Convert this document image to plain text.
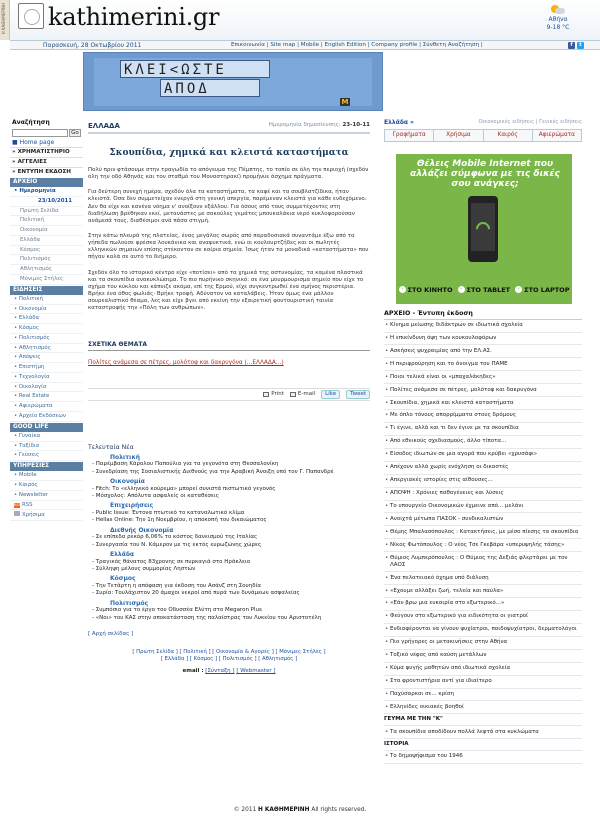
Η ΚΑΘΗΜΕΡΙΝΗ kathimerini.gr	Αθήνα
9-18 °C
Παρασκευή, 28 Οκτωβρίου 2011	Επικοινωνία | Site map | Mobile | English Edition | Company profile | Σύνθετη Αναζήτηση |	f	t
ΚΛΕΙ<ΩΣΤΕ
ΑΠΟΔ
M
Αναζήτηση
Go
■ Home page
» ΧΡΗΜΑΤΙΣΤΗΡΙΟ
» ΑΓΓΕΛΙΕΣ
» ΕΝΤΥΠΗ ΕΚΔΟΣΗ
ΑΡΧΕΙΟ
• Ημερομηνία
23/10/2011
Πρώτη Σελίδα
Πολιτική
Οικονομία
Ελλάδα
Κόσμος
Πολιτισμός
Αθλητισμός
Μόνιμες Στήλες
ΕΙΔΗΣΕΙΣ
• Πολιτική
• Οικονομία
• Ελλάδα
• Κόσμος
• Πολιτισμός
• Αθλητισμός
• Απόψεις
• Επιστήμη
• Τεχνολογία
• Οικολογία
• Real Estate
• Αφιερώματα
• Αρχείο Εκδόσεων
GOOD LIFE
• Γυναίκα
• Ταξίδια
• Γεύσεις
ΥΠΗΡΕΣΙΕΣ
• Mobile
• Καιρός
• Newsletter
RSSRSS
Χρήσιμα
ΕΛΛΑΔΑ	Ημερομηνία δημοσίευσης: 23-10-11
Σκουπίδια, χημικά και κλειστά καταστήματα
Πολύ πριν φτάσουμε στην τραγωδία το απόγευμα της Πέμπτης, το τοπίο σε όλη την περιοχή (σχεδόν όλη την οδό Αθηνάς και τον σταθμό του Μοναστηρακί) προμήνυε άσχημα πράγματα.
Για δεύτερη συνεχή ημέρα, σχεδόν όλα τα καταστήματα, τα καφέ και τα σουβλατζίδικα, ήταν κλειστά. Όσα δεν συμμετείχαν ενεργά στη γενική απεργία, παρέμεναν κλειστά για κάθε ενδεχόμενο. Δεν θα είχε και κανένα νόημα ν' ανοίξουν εξάλλου. Για όσους από τους συμμετέχοντες στη διαδήλωση βρέθηκαν εκεί, μετανάστες με σακούλες γεμάτες μπουκαλάκια νερό κυκλοφορούσαν ανάμεσά τους, διαθέσιμοι ανά πάσα στιγμή.
Στην κάτω πλευρά της πλατείας, ένας μεγάλος σωρός από παραδοσιακά συναντάμε έξω από τα γήπεδα πωλούσε φρέσκα λουκάνικα και αναψυκτικά, ενώ οι κουλουρτζήδες και οι πωλητές ελληνικών σημαιών επίσης στέκονταν σε καίρια σημεία. Ίσως ήταν τα μοναδικά «καταστήματα» που πήγαν καλά σε αυτό το διήμερο.
Σχεδόν όλο το ιστορικό κέντρο είχε «ποτίσει» από τα χημικά της αστυνομίας, τα καμένα πλαστικά και τα σκουπίδια ανακυκλώσιμα. Το πιο πυρήνικο σκηνικό: σε ένα μουρμουρισμα σημείο που είχε το σχήμα του κύκλου και κάπνιζε ακόμα, επί της Ερμού, είχε συγκεντρωθεί ένα σμήνος περιστέρια. Βρήκε ένα όθος φωλιάς· Βρήκε τροφή. Αδύνατον να καταλάβεις. Ήταν όμως ένα μάλλον σουρεαλιστικό θέαμα, λες και είχε βγει από εκείνη την εξαιρετική φουτουριστική ταινία καταστροφής την «Πόλη των ανθρώπων».
ΣΧΕΤΙΚΑ ΘΕΜΑΤΑ
Πολίτες ανάμεσα σε πέτρες, μολότοφ και δακρυγόνα (...ΕΛΛΑΔΑ...)
Print	E-mail Like	Tweet
Τελευταία Νέα
Πολιτική
- Παρέμβαση Κάρολου Παπούλια για τα γεγονότα στη Θεσσαλονίκη
- Συνεδρίαση της Σοσιαλιστικής Διεθνούς για την Αραβική Άνοιξη υπό τον Γ. Παπανδρέ
Οικονομία
- Fitch: Το «ελληνικό κούρεμα» μπορεί συνιστά πιστωτικό γεγονός
- Μόσχολος: Απόλυτα ασφαλείς οι καταθέσεις
Επιχειρήσεις
- Public Issue: Έντονα πτωτικό το καταναλωτικό κλίμα
- Hellas Online: Την 1η Νοεμβρίου, η αποκοπή του δικαιώματος
Διεθνής Οικονομία
- Σε επίπεδα ρεκόρ 6,06% το κόστος δανεισμού της Ιταλίας
- Συνεργασία του Ν. Κάμερον με τις εκτός ευρωζώνης χώρες
Ελλάδα
- Τραγικός θάνατος 83χρονης σε πυρκαγιά στο Ηράκλειο
- Σύλληψη μέλους συμμορίας Ληστών
Κόσμος
- Την Τετάρτη η απόφαση για έκδοση του Ασάνζ στη Σουηδία
- Συρία: Τουλάχιστον 20 άμαχοι νεκροί από πυρά των δυνάμεων ασφαλείας
Πολιτισμός
- Συμπόσιο για το έργο του Οδυσσέα Ελύτη στο Megaron Plus
- «Νοι» του ΚΑΣ στην αποκατάσταση της παλαίστρας του Λυκείου του Αριστοτέλη
[ Αρχή σελίδας ]
[ Πρώτη Σελίδα ] [ Πολιτική ] [ Οικονομία & Αγορές ] [ Μόνιμες Στήλες ]
[ Ελλάδα ] [ Κόσμος ] [ Πολιτισμός ] [ Αθλητισμός ]
email : [Σύνταξη ] [ Webmaster ]
Ελλάδα »	Οικονομικές ειδήσεις | Γενικές ειδήσεις
Γραφήματα	Χρήσιμα	Καιρός	Αφιερώματα
Θέλεις Mobile Internet που αλλάζει σύμφωνα με τις δικές σου ανάγκες;
› ΣΤΟ ΚΙΝΗΤΟ	› ΣΤΟ TABLET	› ΣΤΟ LAPTOP
ΑΡΧΕΙΟ - Έντυπη έκδοση
• Κίνημα μείωσης διδάκτρων σε ιδιωτικά σχολεία
• Η επικίνδυνη όψη των κουκουλοφόρων
• Ασκήσεις ψυχραιμίας από την ΕΛ.ΑΣ.
• Η περιφρούρηση και το άνοιγμα του ΠΑΜΕ
• Ποιοι τελικά είναι οι «μπαχαλάκηδες»
• Πολίτες ανάμεσα σε πέτρες, μολότοφ και δακρυγόνα
• Σκουπίδια, χημικά και κλειστά καταστήματα
• Με όπλο τόνους απορρίμματα στους δρόμους
• Τι έγινε, αλλά και τι δεν έγινε με τα σκουπίδια
• Από εθνικούς σχεδιασμούς, άλλο τίποτα...
• Είσοδος ιδιωτών σε μια αγορά που κρύβει «χρυσάφι»
• Απέχουν αλλά χωρίς ενόχληση οι δικαστές
• Απεργιακές ιστορίες στις αίθουσες...
• ΑΠΟΨΗ : Χρόνιες παθογένειες και λύσεις
• Το υπουργείο Οικονομικών έχμεινε από... μελάνι
• Ανοιχτά μέτωπα ΠΑΣΟΚ - συνδικαλιστών
• Θέμης Μπαλασόπουλος : Κατακτήσεις, με μέσο πίεσης τα σκουπίδια
• Νίκος Φωτόπουλος : Ο νέος Τσε Γκεβάρα «υπερυψηλής τάσης»
• Θύμιος Λυμπερόπουλος : Ο Θύμιος της Δεξιάς φλερτάρει με τον ΛΑΟΣ
• Ένα πελατειακό όχημα υπό διάλυση
• «Εχουμε αλλάξει ζωή, τελεία και παύλα»
• «Εάν βρω μια ευκαιρία στο εξωτερικό...»
• Φεύγουν στο εξωτερικό για ειδικότητα οι γιατροί
• Ενδιαφέρονται να γίνουν ψυχίατροι, παιδοψυχίατροι, δερματολόγοι
• Πιο γρήγορες οι μετακινήσεις στην Αθήνα
• Τοξικό νέφος από καύση μετάλλων
• Κύμα φυγής μαθητών από ιδιωτικά σχολεία
• Στα φροντιστήρια αντί για ιδιαίτερο
• Παχύσαρκοι σε... κρίση
• Ελληνίδες οικιακές βοηθοί
ΓΕΥΜΑ ΜΕ ΤΗΝ "Κ"
• Τα σκουπίδια αποδίδουν πολλά λεφτά στα κυκλώματα
ΙΣΤΟΡΙΑ
• Το δημοψήφισμα του 1946
© 2011 Η ΚΑΘΗΜΕΡΙΝΗ All rights reserved.
